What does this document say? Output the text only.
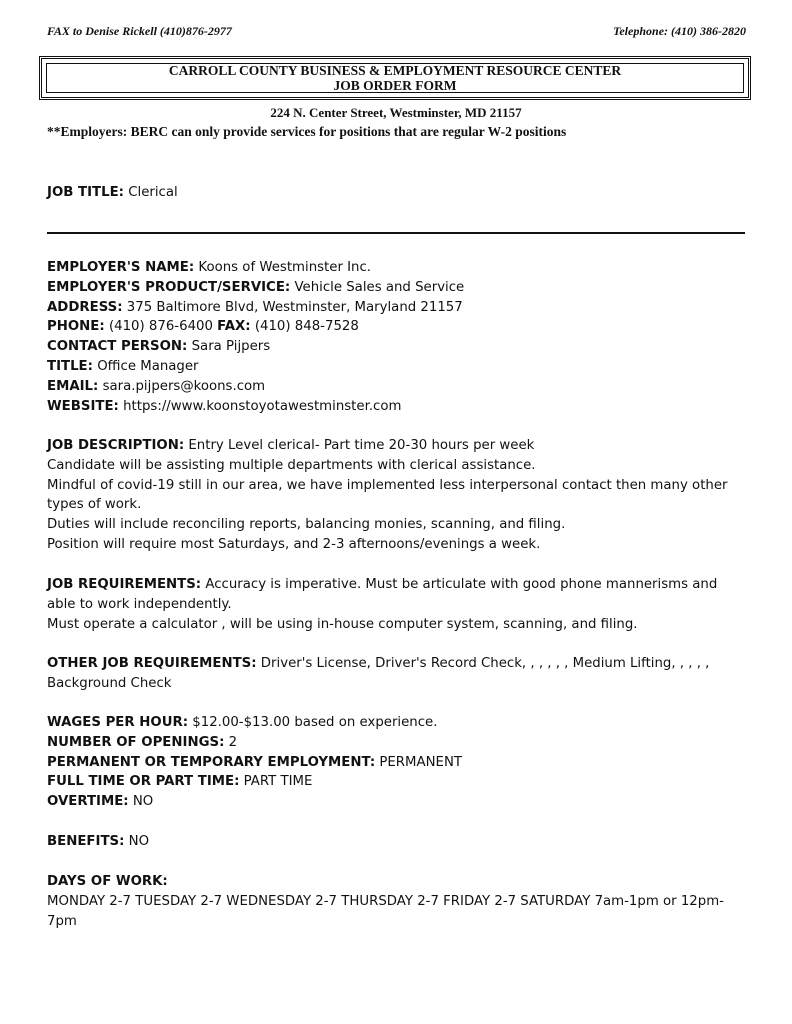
FAX to Denise Rickell (410)876-2977	Telephone: (410) 386-2820
CARROLL COUNTY BUSINESS & EMPLOYMENT RESOURCE CENTER
JOB ORDER FORM
224 N. Center Street, Westminster, MD 21157
**Employers: BERC can only provide services for positions that are regular W-2 positions
JOB TITLE: Clerical

EMPLOYER'S NAME: Koons of Westminster Inc.

EMPLOYER'S PRODUCT/SERVICE: Vehicle Sales and Service

ADDRESS: 375 Baltimore Blvd, Westminster, Maryland 21157

PHONE: (410) 876-6400 FAX: (410) 848-7528

CONTACT PERSON: Sara Pijpers

TITLE: Office Manager

EMAIL: sara.pijpers@koons.com

WEBSITE: https://www.koonstoyotawestminster.com

JOB DESCRIPTION: Entry Level clerical- Part time 20-30 hours per week

Candidate will be assisting multiple departments with clerical assistance.

Mindful of covid-19 still in our area, we have implemented less interpersonal contact then many other types of work.

Duties will include reconciling reports, balancing monies, scanning, and filing.

Position will require most Saturdays, and 2-3 afternoons/evenings a week.

JOB REQUIREMENTS: Accuracy is imperative. Must be articulate with good phone mannerisms and able to work independently.

Must operate a calculator , will be using in-house computer system, scanning, and filing.

OTHER JOB REQUIREMENTS: Driver's License, Driver's Record Check, , , , , , Medium Lifting, , , , , Background Check

WAGES PER HOUR: $12.00-$13.00 based on experience.

NUMBER OF OPENINGS: 2

PERMANENT OR TEMPORARY EMPLOYMENT: PERMANENT

FULL TIME OR PART TIME: PART TIME

OVERTIME: NO

BENEFITS: NO

DAYS OF WORK:

MONDAY 2-7 TUESDAY 2-7 WEDNESDAY 2-7 THURSDAY 2-7 FRIDAY 2-7 SATURDAY 7am-1pm or 12pm-7pm
